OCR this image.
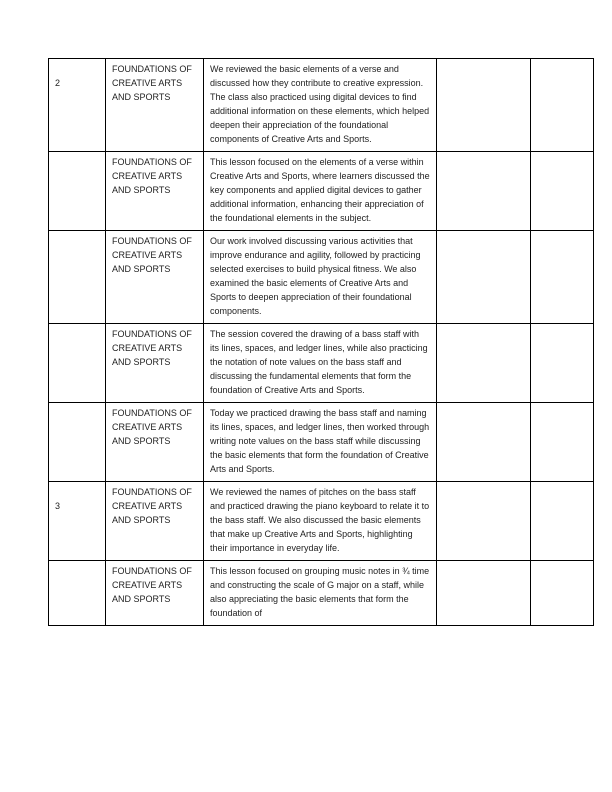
2	FOUNDATIONS OF CREATIVE ARTS AND SPORTS	We reviewed the basic elements of a verse and discussed how they contribute to creative expression. The class also practiced using digital devices to find additional information on these elements, which helped deepen their appreciation of the foundational components of Creative Arts and Sports.		
	FOUNDATIONS OF CREATIVE ARTS AND SPORTS	This lesson focused on the elements of a verse within Creative Arts and Sports, where learners discussed the key components and applied digital devices to gather additional information, enhancing their appreciation of the foundational elements in the subject.		
	FOUNDATIONS OF CREATIVE ARTS AND SPORTS	Our work involved discussing various activities that improve endurance and agility, followed by practicing selected exercises to build physical fitness. We also examined the basic elements of Creative Arts and Sports to deepen appreciation of their foundational components.		
	FOUNDATIONS OF CREATIVE ARTS AND SPORTS	The session covered the drawing of a bass staff with its lines, spaces, and ledger lines, while also practicing the notation of note values on the bass staff and discussing the fundamental elements that form the foundation of Creative Arts and Sports.		
	FOUNDATIONS OF CREATIVE ARTS AND SPORTS	Today we practiced drawing the bass staff and naming its lines, spaces, and ledger lines, then worked through writing note values on the bass staff while discussing the basic elements that form the foundation of Creative Arts and Sports.		
3	FOUNDATIONS OF CREATIVE ARTS AND SPORTS	We reviewed the names of pitches on the bass staff and practiced drawing the piano keyboard to relate it to the bass staff. We also discussed the basic elements that make up Creative Arts and Sports, highlighting their importance in everyday life.		
	FOUNDATIONS OF CREATIVE ARTS AND SPORTS	This lesson focused on grouping music notes in ¾ time and constructing the scale of G major on a staff, while also appreciating the basic elements that form the foundation of		
